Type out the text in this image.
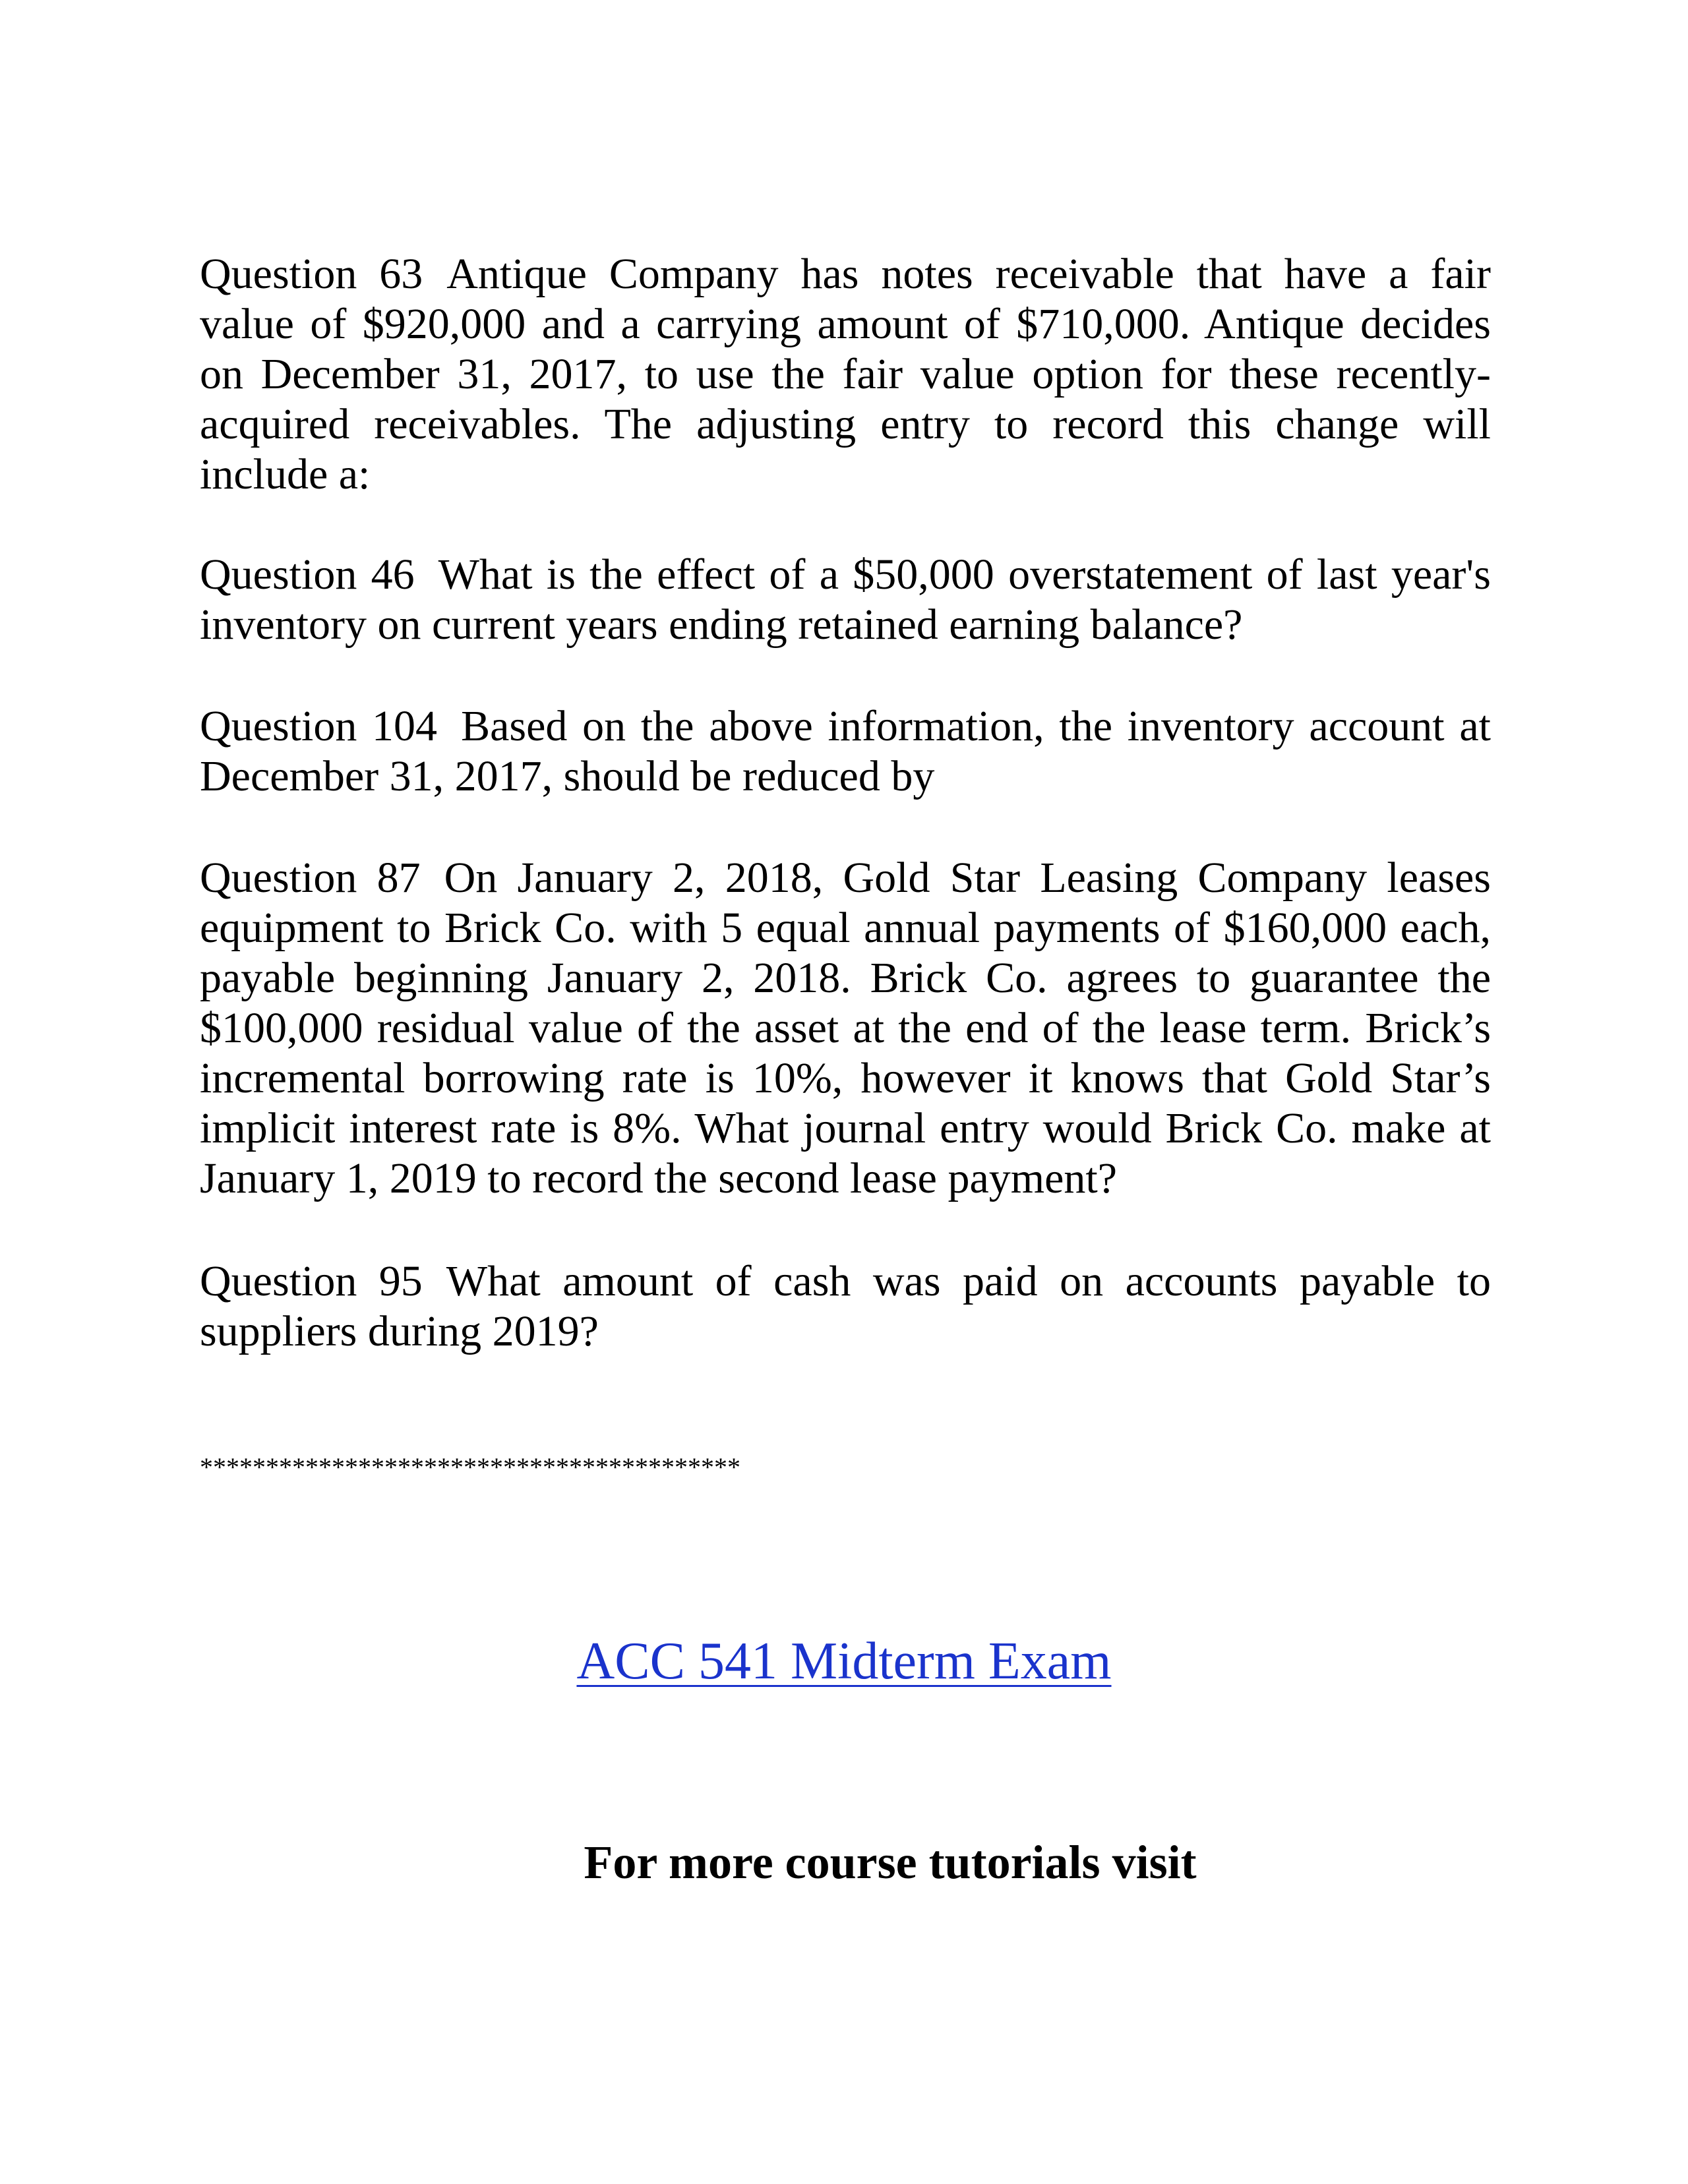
Question 63 Antique Company has notes receivable that have a fair value of $920,000 and a carrying amount of $710,000. Antique decides on December 31, 2017, to use the fair value option for these recently-acquired receivables. The adjusting entry to record this change will include a:

Question 46 What is the effect of a $50,000 overstatement of last year's inventory on current years ending retained earning balance?

Question 104 Based on the above information, the inventory account at December 31, 2017, should be reduced by

Question 87 On January 2, 2018, Gold Star Leasing Company leases equipment to Brick Co. with 5 equal annual payments of $160,000 each, payable beginning January 2, 2018. Brick Co. agrees to guarantee the $100,000 residual value of the asset at the end of the lease term. Brick’s incremental borrowing rate is 10%, however it knows that Gold Star’s implicit interest rate is 8%. What journal entry would Brick Co. make at January 1, 2019 to record the second lease payment?

Question 95 What amount of cash was paid on accounts payable to suppliers during 2019?

*****************************************
ACC 541 Midterm Exam
For more course tutorials visit
